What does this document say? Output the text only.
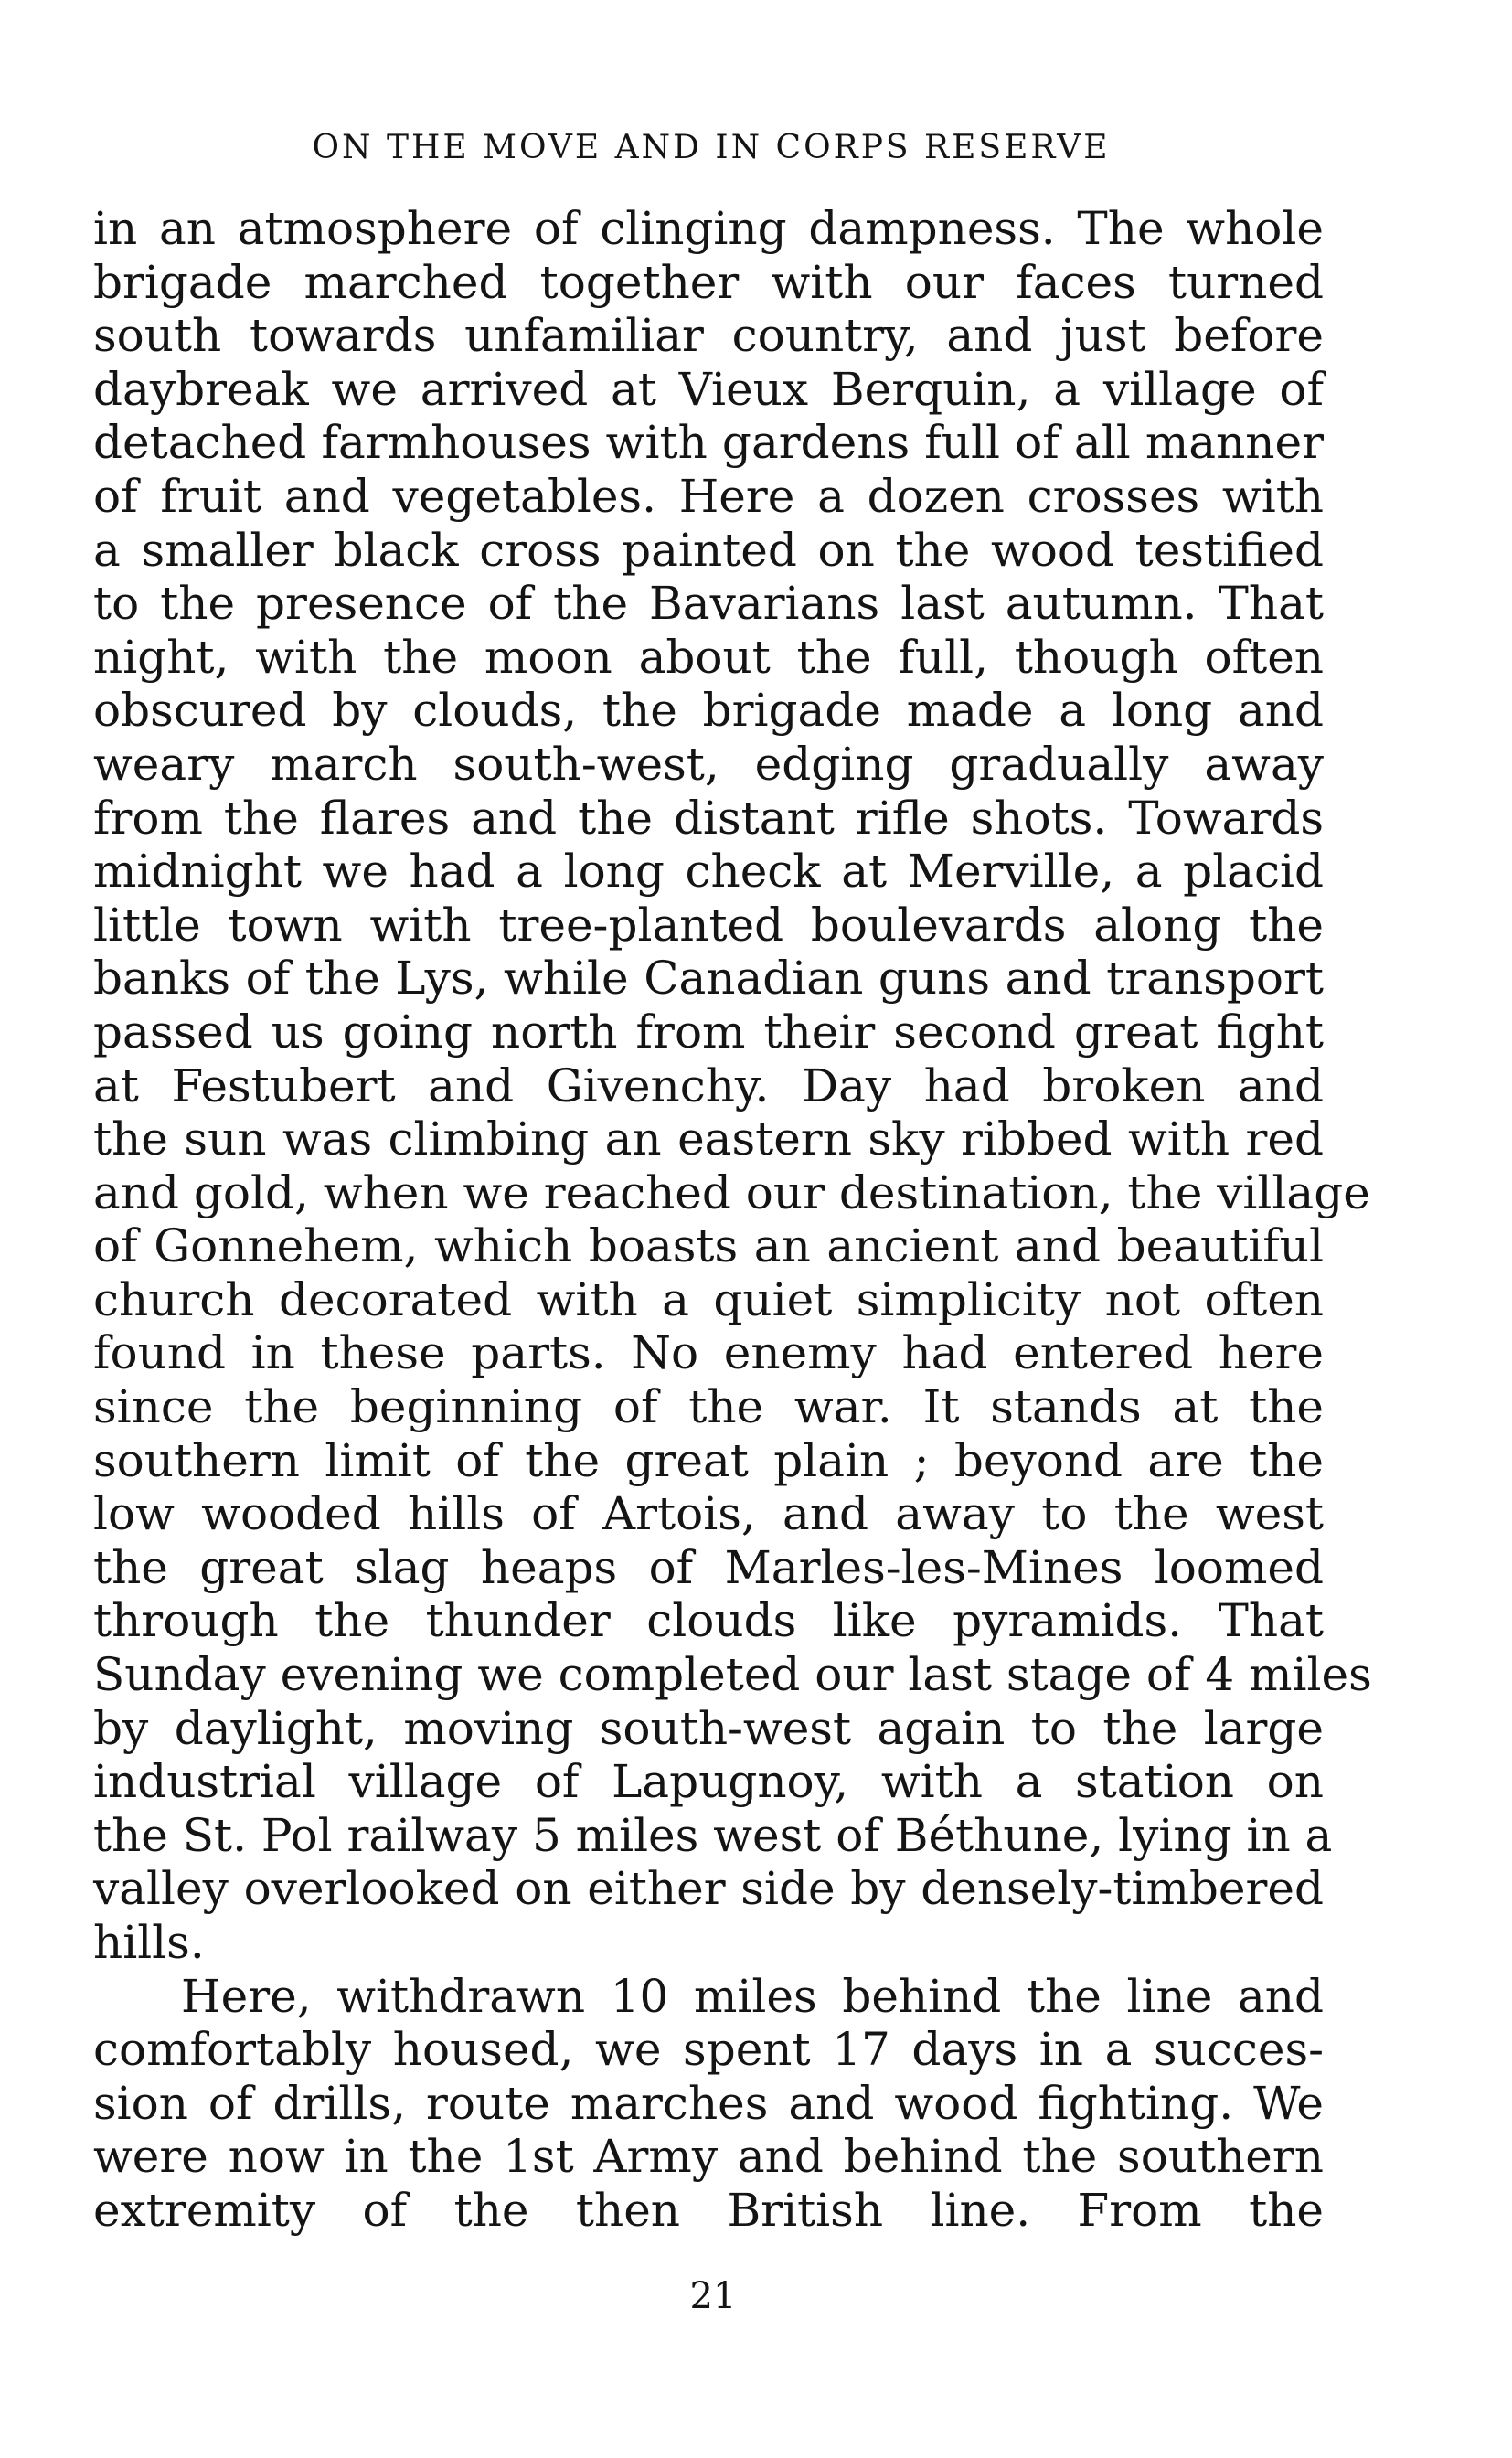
ON THE MOVE AND IN CORPS RESERVE
in an atmosphere of clinging dampness. The whole
brigade marched together with our faces turned
south towards unfamiliar country, and just before
daybreak we arrived at Vieux Berquin, a village of
detached farmhouses with gardens full of all manner
of fruit and vegetables. Here a dozen crosses with
a smaller black cross painted on the wood testified
to the presence of the Bavarians last autumn. That
night, with the moon about the full, though often
obscured by clouds, the brigade made a long and
weary march south-west, edging gradually away
from the flares and the distant rifle shots. Towards
midnight we had a long check at Merville, a placid
little town with tree-planted boulevards along the
banks of the Lys, while Canadian guns and transport
passed us going north from their second great fight
at Festubert and Givenchy. Day had broken and
the sun was climbing an eastern sky ribbed with red
and gold, when we reached our destination, the village
of Gonnehem, which boasts an ancient and beautiful
church decorated with a quiet simplicity not often
found in these parts. No enemy had entered here
since the beginning of the war. It stands at the
southern limit of the great plain ; beyond are the
low wooded hills of Artois, and away to the west
the great slag heaps of Marles-les-Mines loomed
through the thunder clouds like pyramids. That
Sunday evening we completed our last stage of 4 miles
by daylight, moving south-west again to the large
industrial village of Lapugnoy, with a station on
the St. Pol railway 5 miles west of Béthune, lying in a
valley overlooked on either side by densely-timbered
hills.
Here, withdrawn 10 miles behind the line and
comfortably housed, we spent 17 days in a succes-
sion of drills, route marches and wood fighting. We
were now in the 1st Army and behind the southern
extremity of the then British line. From the
21
